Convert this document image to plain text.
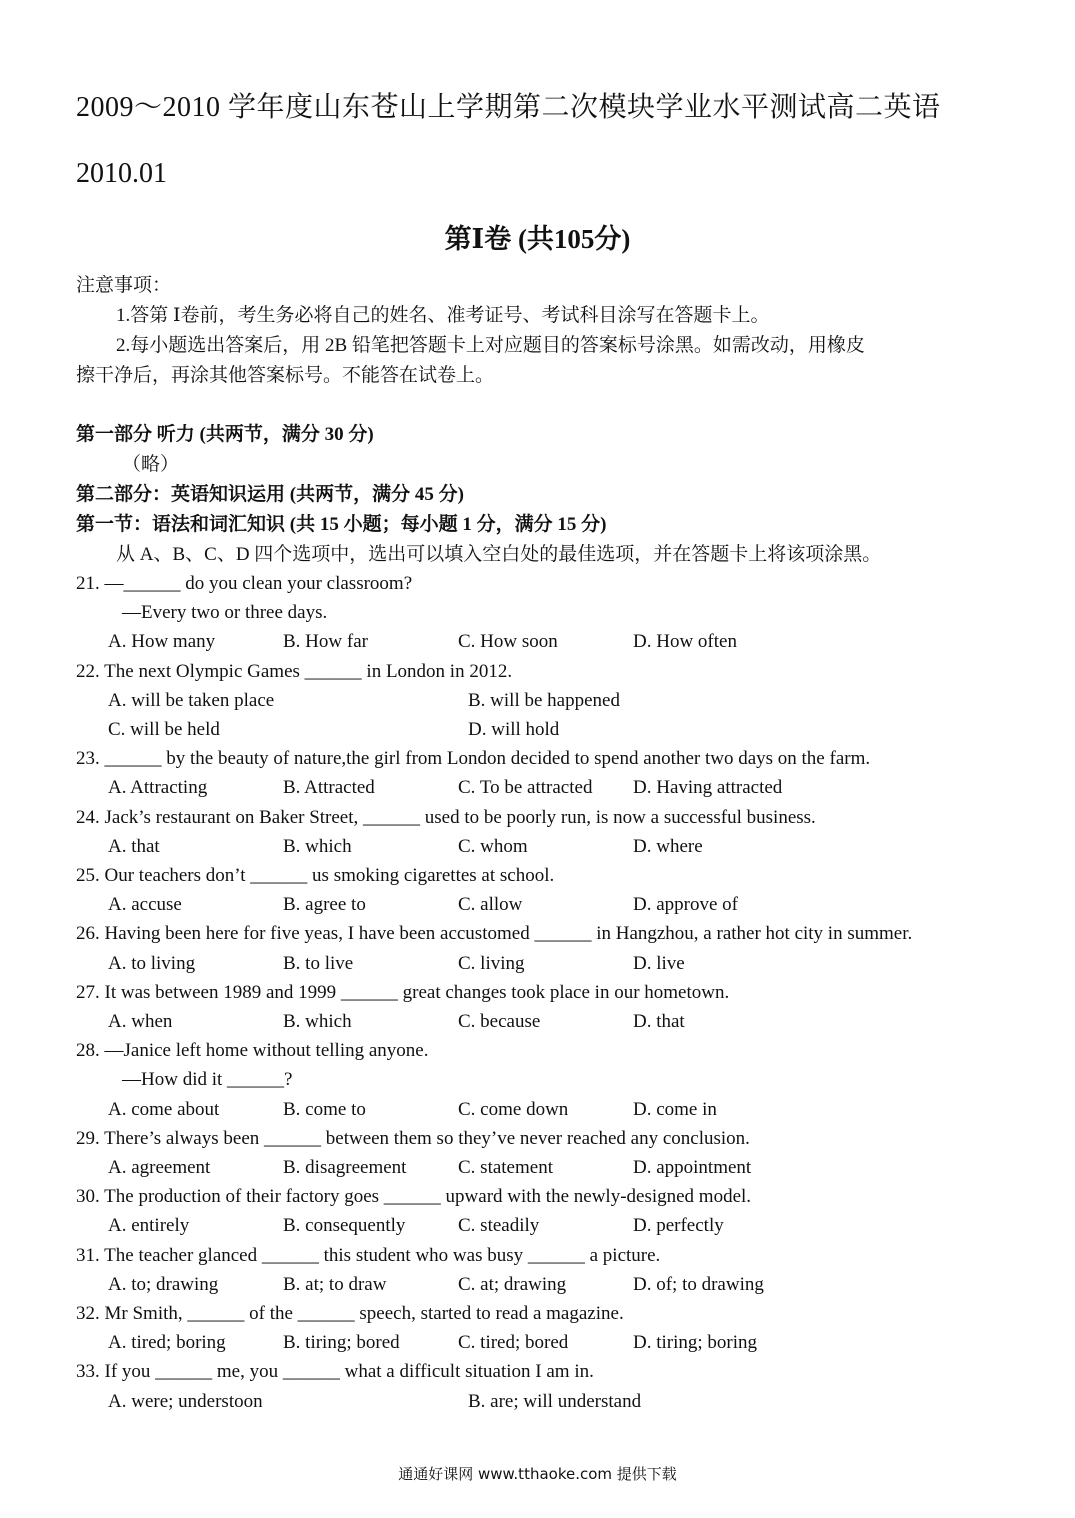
2009～2010 学年度山东苍山上学期第二次模块学业水平测试高二英语
2010.01
第Ⅰ卷 (共105分)
注意事项：
1.答第 Ⅰ卷前，考生务必将自己的姓名、准考证号、考试科目涂写在答题卡上。
2.每小题选出答案后，用 2B 铅笔把答题卡上对应题目的答案标号涂黑。如需改动，用橡皮
擦干净后，再涂其他答案标号。不能答在试卷上。
第一部分 听力 (共两节，满分 30 分)
（略）
第二部分：英语知识运用 (共两节，满分 45 分)
第一节：语法和词汇知识 (共 15 小题；每小题 1 分，满分 15 分)
从 A、B、C、D 四个选项中，选出可以填入空白处的最佳选项，并在答题卡上将该项涂黑。
21. —______ do you clean your classroom?
—Every two or three days.
A. How many	B. How far	C. How soon	D. How often
22. The next Olympic Games ______ in London in 2012.
A. will be taken place	B. will be happened
C. will be held	D. will hold
23. ______ by the beauty of nature,the girl from London decided to spend another two days on the farm.
A. Attracting	B. Attracted	C. To be attracted	D. Having attracted
24. Jack’s restaurant on Baker Street, ______ used to be poorly run, is now a successful business.
A. that	B. which	C. whom	D. where
25. Our teachers don’t ______ us smoking cigarettes at school.
A. accuse	B. agree to	C. allow	D. approve of
26. Having been here for five yeas, I have been accustomed ______ in Hangzhou, a rather hot city in summer.
A. to living	B. to live	C. living	D. live
27. It was between 1989 and 1999 ______ great changes took place in our hometown.
A. when	B. which	C. because	D. that
28. —Janice left home without telling anyone.
—How did it ______?
A. come about	B. come to	C. come down	D. come in
29. There’s always been ______ between them so they’ve never reached any conclusion.
A. agreement	B. disagreement	C. statement	D. appointment
30. The production of their factory goes ______ upward with the newly-designed model.
A. entirely	B. consequently	C. steadily	D. perfectly
31. The teacher glanced ______ this student who was busy ______ a picture.
A. to; drawing	B. at; to draw	C. at; drawing	D. of; to drawing
32. Mr Smith, ______ of the ______ speech, started to read a magazine.
A. tired; boring	B. tiring; bored	C. tired; bored	D. tiring; boring
33. If you ______ me, you ______ what a difficult situation I am in.
A. were; understoon	B. are; will understand
通通好课网 www.tthaoke.com 提供下载
